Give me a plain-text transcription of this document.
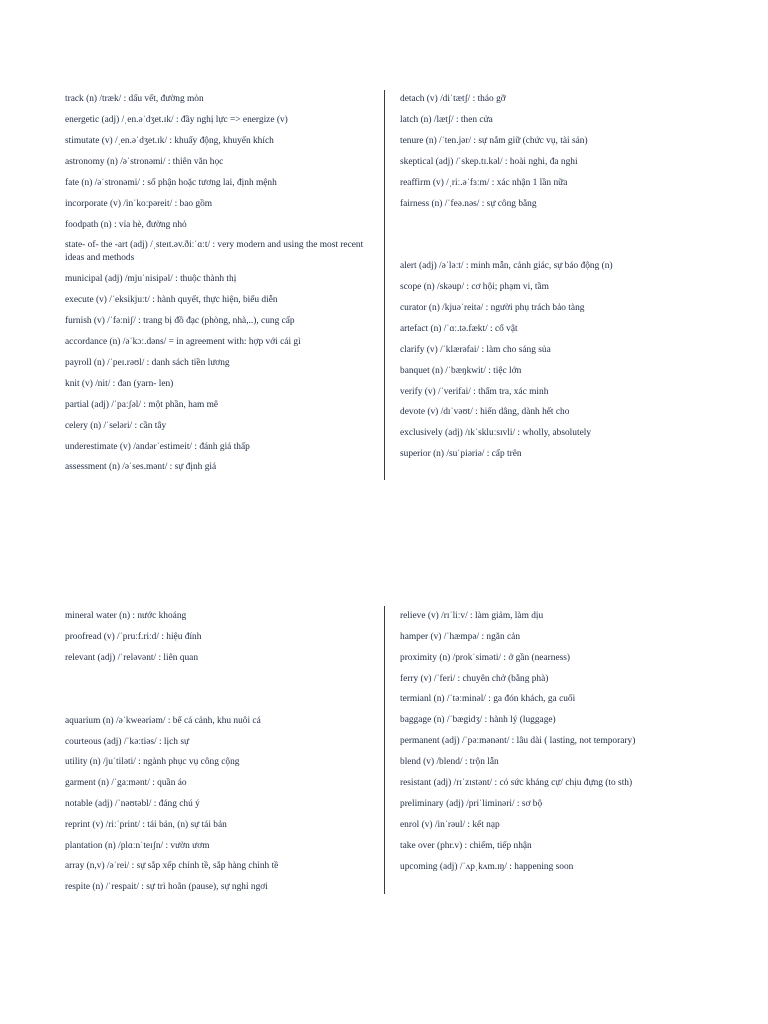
track (n) /træk/ : dấu vết, đường mòn
energetic (adj) /ˌen.əˈdʒet.ɪk/ : đầy nghị lực => energize (v)
stimutate (v) /ˌen.əˈdʒet.ɪk/ : khuấy động, khuyến khích
astronomy (n) /əˈstronəmi/ : thiên văn học
fate (n) /əˈstronəmi/ : số phận hoặc tương lai, định mệnh
incorporate (v) /inˈkoːpəreit/ : bao gồm
foodpath (n) : vỉa hè, đường nhỏ
state- of- the -art (adj) /ˌsteɪt.əv.ðiːˈɑːt/ : very modern and using the most recent ideas and methods
municipal (adj) /mjuˈnisipəl/ : thuộc thành thị
execute (v) /ˈeksikjuːt/ : hành quyết, thực hiện, biểu diễn
furnish (v) /ˈfəːniʃ/ : trang bị đồ đạc (phòng, nhà,..), cung cấp
accordance (n) /əˈkɔː.dəns/ = in agreement with: hợp với cái gì
payroll (n) /ˈpeɪ.rəʊl/ : danh sách tiền lương
knit (v) /nit/ : đan (yarn- len)
partial (adj) /ˈpaːʃəl/ : một phần, ham mê
celery (n) /ˈseləri/ : cần tây
underestimate (v) /andərˈestimeit/ : đánh giá thấp
assessment (n) /əˈses.mənt/ : sự định giá
detach (v) /diˈtætʃ/ : tháo gỡ
latch (n) /lætʃ/ : then cửa
tenure (n) /ˈten.jər/ : sự nắm giữ (chức vụ, tài sản)
skeptical (adj) /ˈskep.tɪ.kəl/ : hoài nghi, đa nghi
reaffirm (v) /ˌriː.əˈfɜːm/ : xác nhận 1 lần nữa
fairness (n) /ˈfeə.nəs/ : sự công bằng
alert (adj) /əˈləːt/ : minh mẫn, cảnh giác, sự báo động (n)
scope (n) /skəup/ : cơ hội; phạm vi, tầm
curator (n) /kjuəˈreitə/ : người phụ trách bảo tàng
artefact (n) /ˈɑː.tə.fækt/ : cổ vật
clarify (v) /ˈklærəfai/ : làm cho sáng sủa
banquet (n) /ˈbæŋkwit/ : tiệc lớn
verify (v) /ˈverifai/ : thẩm tra, xác minh
devote (v) /dɪˈvəʊt/ : hiến dâng, dành hết cho
exclusively (adj) /ɪkˈskluːsɪvli/ : wholly, absolutely
superior (n) /suˈpiəriə/ : cấp trên
mineral water (n) : nước khoáng
proofread (v) /ˈpruːf.riːd/ : hiệu đính
relevant (adj) /ˈreləvənt/ : liên quan
aquarium (n) /əˈkweəriəm/ : bể cá cảnh, khu nuôi cá
courteous (adj) /ˈkəːtiəs/ : lịch sự
utility (n) /juˈtiləti/ : ngành phục vụ công cộng
garment (n) /ˈgaːmənt/ : quần áo
notable (adj) /ˈnəʊtəbl/ : đáng chú ý
reprint (v) /riːˈprint/ : tái bản, (n) sự tái bản
plantation (n) /plɑːnˈteɪʃn/ : vườn ươm
array (n,v) /əˈrei/ : sự sắp xếp chỉnh tề, sắp hàng chỉnh tề
respite (n) /ˈrespait/ : sự trì hoãn (pause), sự nghỉ ngơi
relieve (v) /rɪˈliːv/ : làm giảm, làm dịu
hamper (v) /ˈhæmpə/ : ngăn cản
proximity (n) /prokˈsiməti/ : ở gần (nearness)
ferry (v) /ˈferi/ : chuyên chở (bằng phà)
termianl (n) /ˈtəːminəl/ : ga đón khách, ga cuối
baggage (n) /ˈbægidʒ/ : hành lý (luggage)
permanent (adj) /ˈpəːmənənt/ : lâu dài ( lasting, not temporary)
blend (v) /blend/ : trộn lẫn
resistant (adj) /rɪˈzɪstənt/ : có sức kháng cự/ chịu đựng (to sth)
preliminary (adj) /priˈliminəri/ : sơ bộ
enrol (v) /inˈrəul/ : kết nạp
take over (phr.v) : chiếm, tiếp nhận
upcoming (adj) /ˈʌpˌkʌm.ɪŋ/ : happening soon
